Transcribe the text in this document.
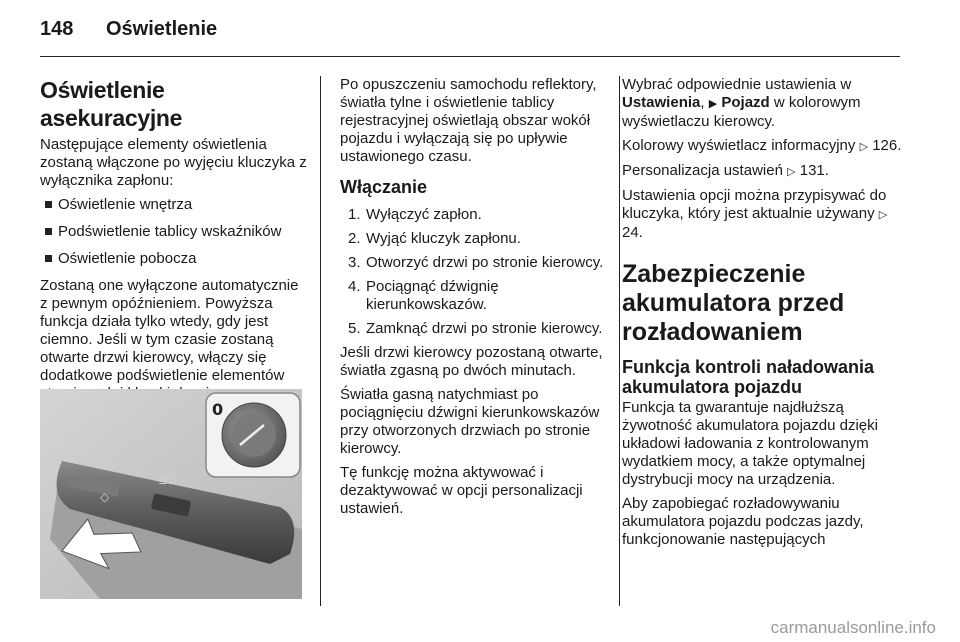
148 Oświetlenie
Oświetlenie asekuracyjne

Następujące elementy oświetlenia zostaną włączone po wyjęciu kluczyka z wyłącznika zapłonu:

Oświetlenie wnętrza
Podświetlenie tablicy wskaźników
Oświetlenie pobocza

Zostaną one wyłączone automatycznie z pewnym opóźnieniem. Powyższa funkcja działa tylko wtedy, gdy jest ciemno. Jeśli w tym czasie zostaną otwarte drzwi kierowcy, włączy się dodatkowe podświetlenie elementów

≣D
◇
0

Po opuszczeniu samochodu reflektory, światła tylne i oświetlenie tablicy rejestracyjnej oświetlają obszar wokół pojazdu i wyłączają się po upływie ustawionego czasu.

Włączanie
1. Wyłączyć zapłon.
2. Wyjąć kluczyk zapłonu.
3. Otworzyć drzwi po stronie kierowcy.
4. Pociągnąć dźwignię kierunkowskazów.
5. Zamknąć drzwi po stronie kierowcy.

Jeśli drzwi kierowcy pozostaną otwarte, światła zgasną po dwóch minutach.

Światła gasną natychmiast po pociągnięciu dźwigni kierunkowskazów przy otworzonych drzwiach po stronie kierowcy.

Tę funkcję można aktywować i dezaktywować w opcji personalizacji ustawień.

Wybrać odpowiednie ustawienia w Ustawienia, ▶ Pojazd w kolorowym wyświetlaczu kierowcy.

Kolorowy wyświetlacz informacyjny ▷ 126.

Personalizacja ustawień ▷ 131.

Ustawienia opcji można przypisywać do kluczyka, który jest aktualnie używany ▷ 24.

Zabezpieczenie akumulatora przed rozładowaniem
Funkcja kontroli naładowania akumulatora pojazdu

Funkcja ta gwarantuje najdłuższą żywotność akumulatora pojazdu dzięki układowi ładowania z kontrolowanym wydatkiem mocy, a także optymalnej dystrybucji mocy na urządzenia.

Aby zapobiegać rozładowywaniu akumulatora pojazdu podczas jazdy, funkcjonowanie następujących

carmanualsonline.info
